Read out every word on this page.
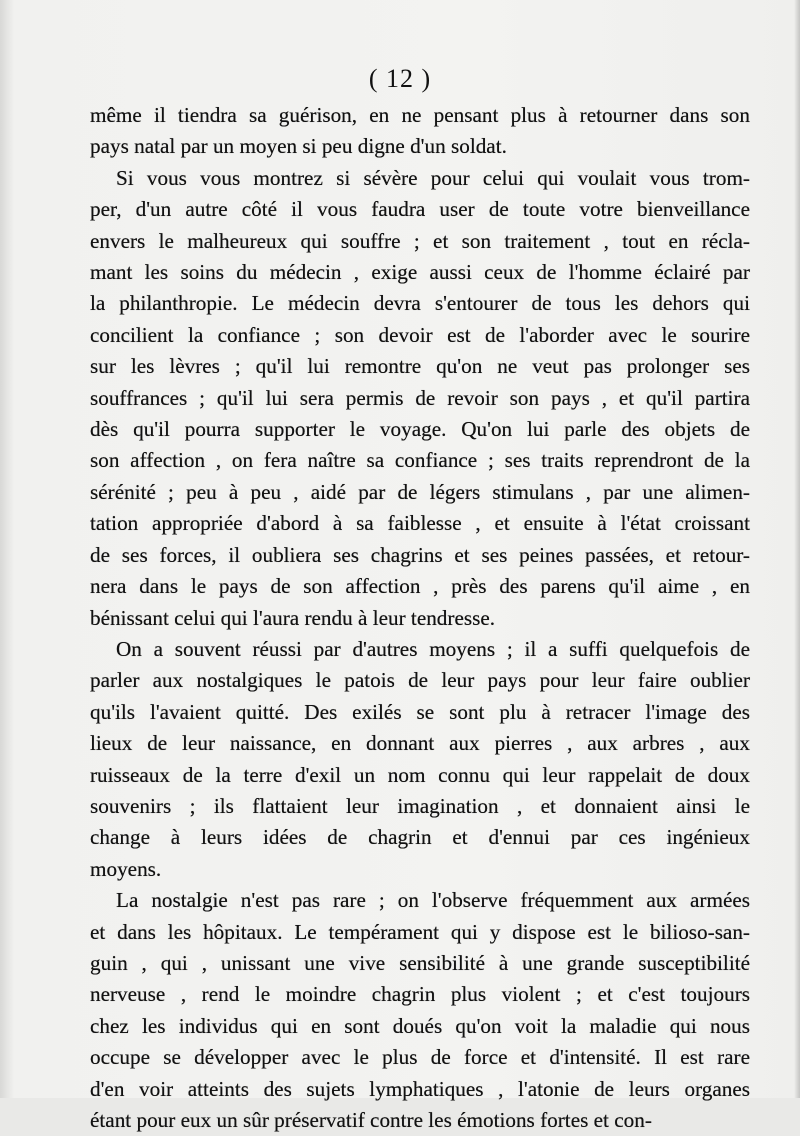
( 12 )
même il tiendra sa guérison, en ne pensant plus à retourner dans son
pays natal par un moyen si peu digne d'un soldat.
Si vous vous montrez si sévère pour celui qui voulait vous trom-
per, d'un autre côté il vous faudra user de toute votre bienveillance
envers le malheureux qui souffre ; et son traitement , tout en récla-
mant les soins du médecin , exige aussi ceux de l'homme éclairé par
la philanthropie. Le médecin devra s'entourer de tous les dehors qui
concilient la confiance ; son devoir est de l'aborder avec le sourire
sur les lèvres ; qu'il lui remontre qu'on ne veut pas prolonger ses
souffrances ; qu'il lui sera permis de revoir son pays , et qu'il partira
dès qu'il pourra supporter le voyage. Qu'on lui parle des objets de
son affection , on fera naître sa confiance ; ses traits reprendront de la
sérénité ; peu à peu , aidé par de légers stimulans , par une alimen-
tation appropriée d'abord à sa faiblesse , et ensuite à l'état croissant
de ses forces, il oubliera ses chagrins et ses peines passées, et retour-
nera dans le pays de son affection , près des parens qu'il aime , en
bénissant celui qui l'aura rendu à leur tendresse.
On a souvent réussi par d'autres moyens ; il a suffi quelquefois de
parler aux nostalgiques le patois de leur pays pour leur faire oublier
qu'ils l'avaient quitté. Des exilés se sont plu à retracer l'image des
lieux de leur naissance, en donnant aux pierres , aux arbres , aux
ruisseaux de la terre d'exil un nom connu qui leur rappelait de doux
souvenirs ; ils flattaient leur imagination , et donnaient ainsi le
change à leurs idées de chagrin et d'ennui par ces ingénieux
moyens.
La nostalgie n'est pas rare ; on l'observe fréquemment aux armées
et dans les hôpitaux. Le tempérament qui y dispose est le bilioso-san-
guin , qui , unissant une vive sensibilité à une grande susceptibilité
nerveuse , rend le moindre chagrin plus violent ; et c'est toujours
chez les individus qui en sont doués qu'on voit la maladie qui nous
occupe se développer avec le plus de force et d'intensité. Il est rare
d'en voir atteints des sujets lymphatiques , l'atonie de leurs organes
étant pour eux un sûr préservatif contre les émotions fortes et con-
